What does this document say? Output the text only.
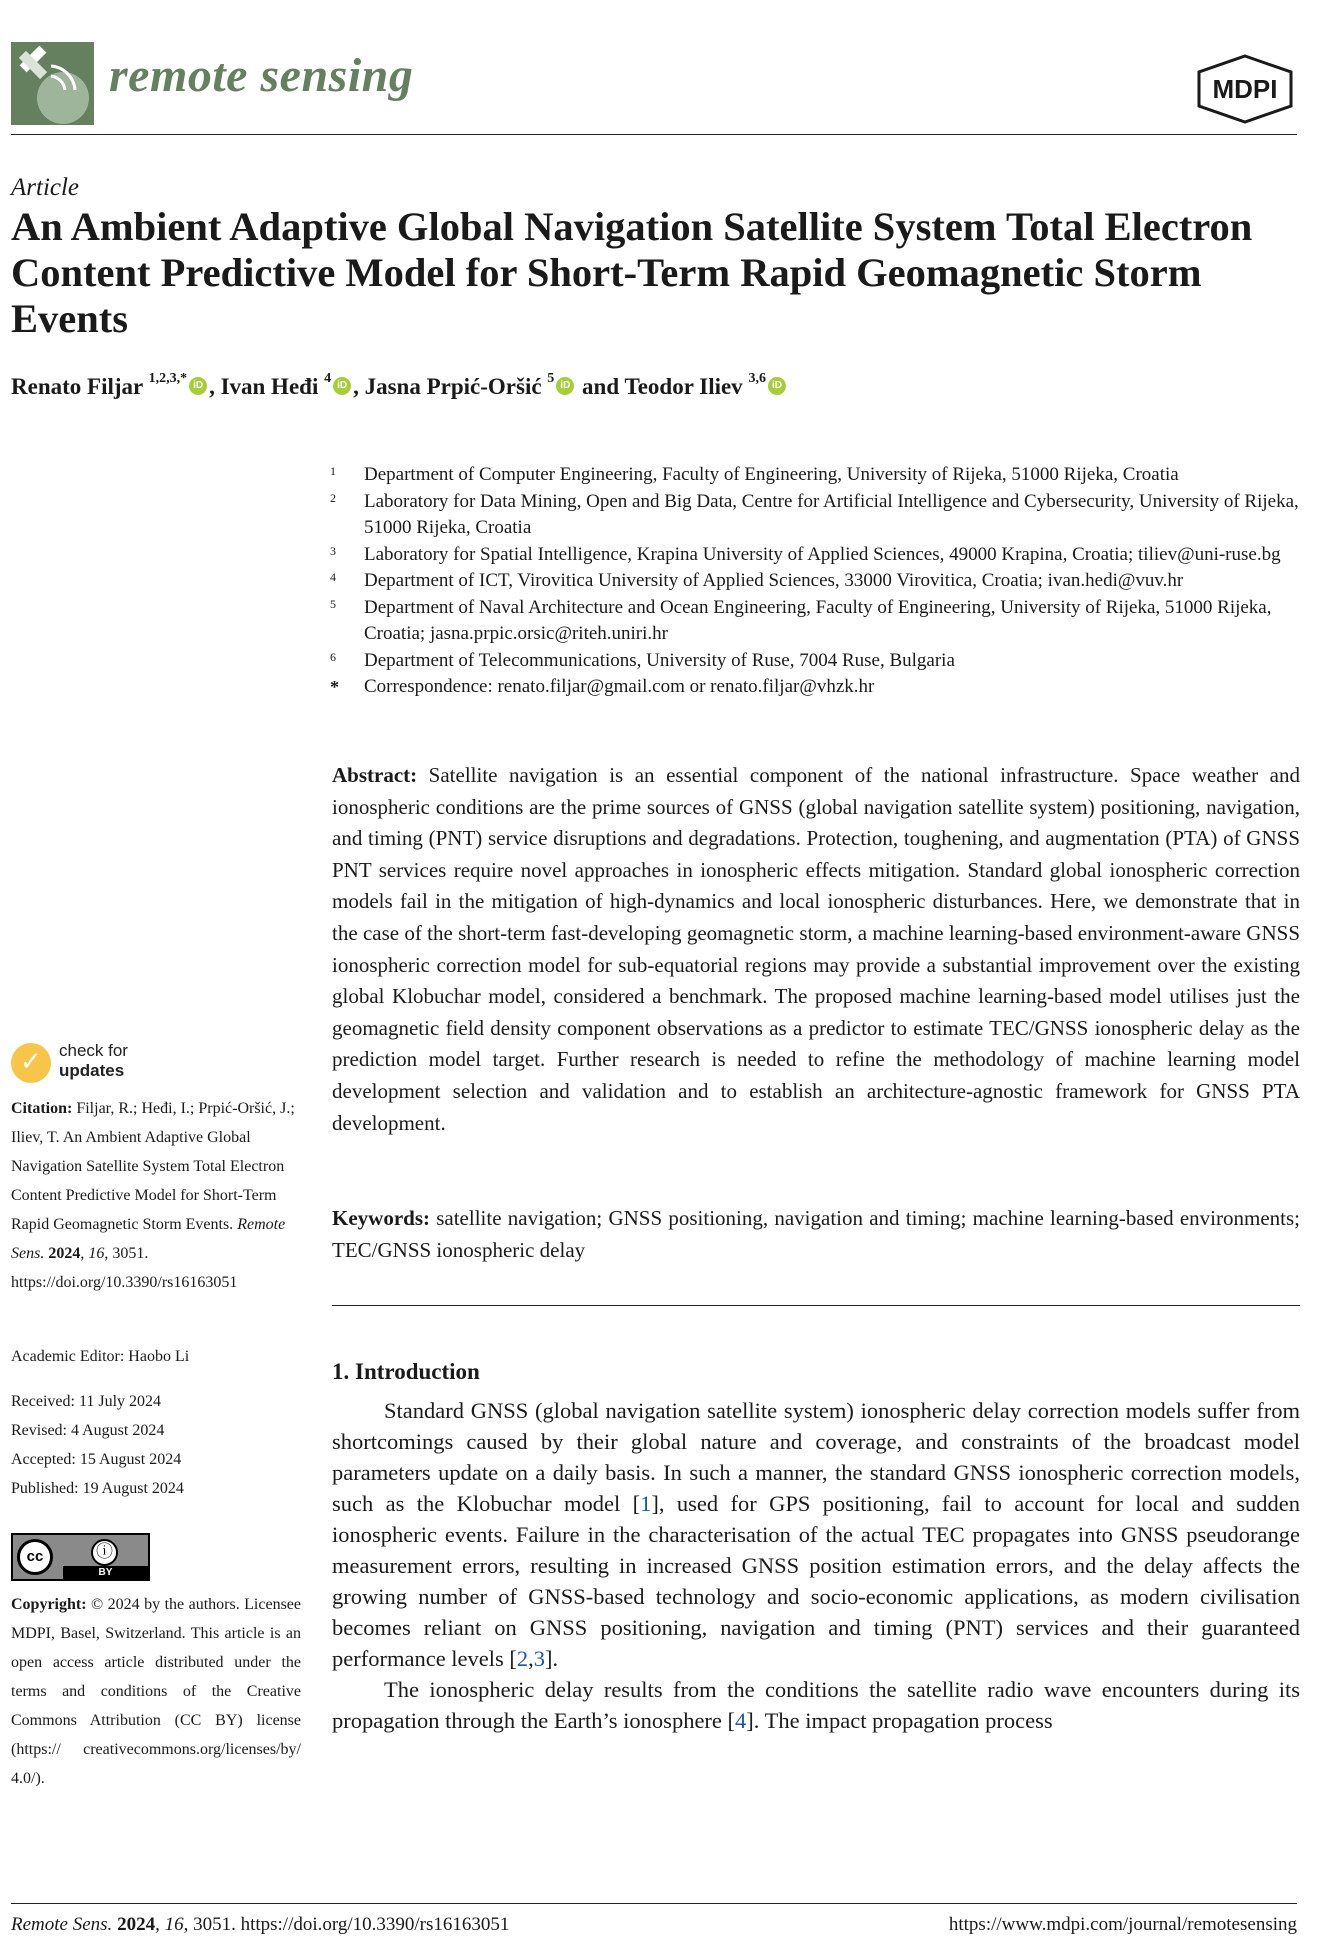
remote sensing	MDPI
Article
An Ambient Adaptive Global Navigation Satellite System Total Electron Content Predictive Model for Short-Term Rapid Geomagnetic Storm Events
Renato Filjar $^{1,2,3,*}$ iD , Ivan Heđi $^4$ iD , Jasna Prpić-Oršić $^5$ iD and Teodor Iliev $^{3,6}$ iD
1	Department of Computer Engineering, Faculty of Engineering, University of Rijeka, 51000 Rijeka, Croatia
2	Laboratory for Data Mining, Open and Big Data, Centre for Artificial Intelligence and Cybersecurity, University of Rijeka, 51000 Rijeka, Croatia
3	Laboratory for Spatial Intelligence, Krapina University of Applied Sciences, 49000 Krapina, Croatia; tiliev@uni-ruse.bg
4	Department of ICT, Virovitica University of Applied Sciences, 33000 Virovitica, Croatia; ivan.hedi@vuv.hr
5	Department of Naval Architecture and Ocean Engineering, Faculty of Engineering, University of Rijeka, 51000 Rijeka, Croatia; jasna.prpic.orsic@riteh.uniri.hr
6	Department of Telecommunications, University of Ruse, 7004 Ruse, Bulgaria
*	Correspondence: renato.filjar@gmail.com or renato.filjar@vhzk.hr
Abstract: Satellite navigation is an essential component of the national infrastructure. Space weather and ionospheric conditions are the prime sources of GNSS (global navigation satellite system) positioning, navigation, and timing (PNT) service disruptions and degradations. Protection, toughening, and augmentation (PTA) of GNSS PNT services require novel approaches in ionospheric effects mitigation. Standard global ionospheric correction models fail in the mitigation of high-dynamics and local ionospheric disturbances. Here, we demonstrate that in the case of the short-term fast-developing geomagnetic storm, a machine learning-based environment-aware GNSS ionospheric correction model for sub-equatorial regions may provide a substantial improvement over the existing global Klobuchar model, considered a benchmark. The proposed machine learning-based model utilises just the geomagnetic field density component observations as a predictor to estimate TEC/GNSS ionospheric delay as the prediction model target. Further research is needed to refine the methodology of machine learning model development selection and validation and to establish an architecture-agnostic framework for GNSS PTA development.
Keywords: satellite navigation; GNSS positioning, navigation and timing; machine learning-based environments; TEC/GNSS ionospheric delay
1. Introduction

Standard GNSS (global navigation satellite system) ionospheric delay correction models suffer from shortcomings caused by their global nature and coverage, and constraints of the broadcast model parameters update on a daily basis. In such a manner, the standard GNSS ionospheric correction models, such as the Klobuchar model [1], used for GPS positioning, fail to account for local and sudden ionospheric events. Failure in the characterisation of the actual TEC propagates into GNSS pseudorange measurement errors, resulting in increased GNSS position estimation errors, and the delay affects the growing number of GNSS-based technology and socio-economic applications, as modern civilisation becomes reliant on GNSS positioning, navigation and timing (PNT) services and their guaranteed performance levels [2,3].

The ionospheric delay results from the conditions the satellite radio wave encounters during its propagation through the Earth’s ionosphere [4]. The impact propagation process

✓ check for
updates
Citation: Filjar, R.; Heđi, I.; Prpić-Oršić, J.; Iliev, T. An Ambient Adaptive Global Navigation Satellite System Total Electron Content Predictive Model for Short-Term Rapid Geomagnetic Storm Events. Remote Sens. 2024, 16, 3051. https://doi.org/10.3390/rs16163051
Academic Editor: Haobo Li
Received: 11 July 2024
Revised: 4 August 2024
Accepted: 15 August 2024
Published: 19 August 2024
cc	ⓘ
BY
Copyright: © 2024 by the authors. Licensee MDPI, Basel, Switzerland. This article is an open access article distributed under the terms and conditions of the Creative Commons Attribution (CC BY) license (https:// creativecommons.org/licenses/by/ 4.0/).
Remote Sens. 2024, 16, 3051. https://doi.org/10.3390/rs16163051	https://www.mdpi.com/journal/remotesensing
